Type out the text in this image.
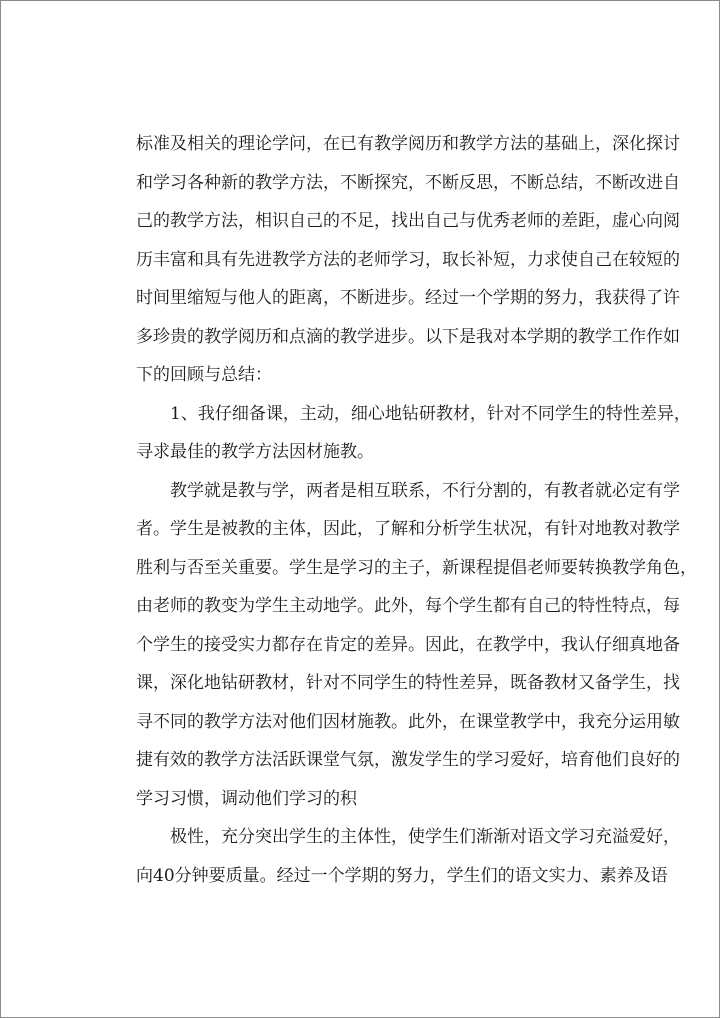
标准及相关的理论学问，在已有教学阅历和教学方法的基础上，深化探讨
和学习各种新的教学方法，不断探究，不断反思，不断总结，不断改进自
己的教学方法，相识自己的不足，找出自己与优秀老师的差距，虚心向阅
历丰富和具有先进教学方法的老师学习，取长补短，力求使自己在较短的
时间里缩短与他人的距离，不断进步。经过一个学期的努力，我获得了许
多珍贵的教学阅历和点滴的教学进步。以下是我对本学期的教学工作作如
下的回顾与总结：
　　1、我仔细备课，主动，细心地钻研教材，针对不同学生的特性差异，
寻求最佳的教学方法因材施教。
　　教学就是教与学，两者是相互联系，不行分割的，有教者就必定有学
者。学生是被教的主体，因此，了解和分析学生状况，有针对地教对教学
胜利与否至关重要。学生是学习的主子，新课程提倡老师要转换教学角色，
由老师的教变为学生主动地学。此外，每个学生都有自己的特性特点，每
个学生的接受实力都存在肯定的差异。因此，在教学中，我认仔细真地备
课，深化地钻研教材，针对不同学生的特性差异，既备教材又备学生，找
寻不同的教学方法对他们因材施教。此外，在课堂教学中，我充分运用敏
捷有效的教学方法活跃课堂气氛，激发学生的学习爱好，培育他们良好的
学习习惯，调动他们学习的积
　　极性，充分突出学生的主体性，使学生们渐渐对语文学习充溢爱好，
向40分钟要质量。经过一个学期的努力，学生们的语文实力、素养及语
